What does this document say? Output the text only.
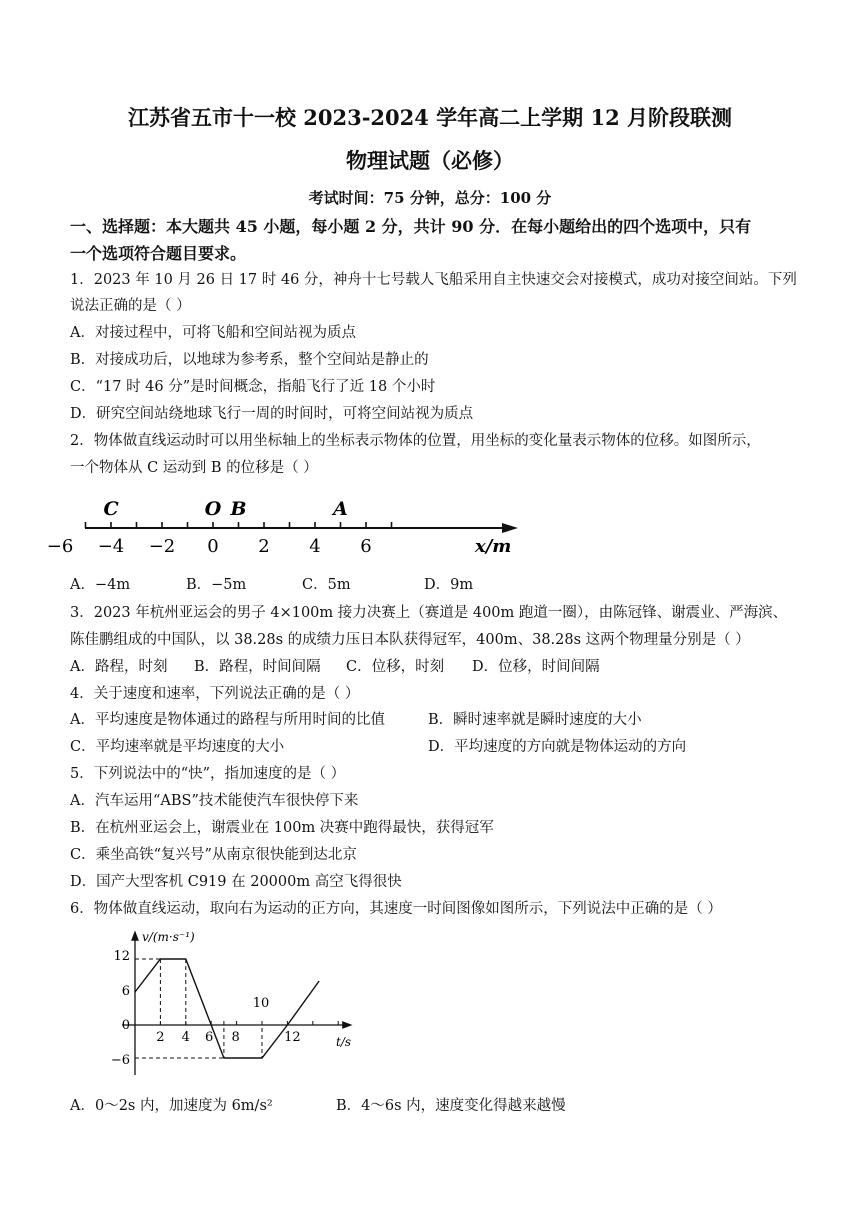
江苏省五市十一校 2023-2024 学年高二上学期 12 月阶段联测
物理试题（必修）
考试时间：75 分钟，总分：100 分
一、选择题：本大题共 45 小题，每小题 2 分，共计 90 分．在每小题给出的四个选项中，只有
一个选项符合题目要求。
1．2023 年 10 月 26 日 17 时 46 分，神舟十七号载人飞船采用自主快速交会对接模式，成功对接空间站。下列
说法正确的是（ ）
A．对接过程中，可将飞船和空间站视为质点
B．对接成功后，以地球为参考系，整个空间站是静止的
C．“17 时 46 分”是时间概念，指船飞行了近 18 个小时
D．研究空间站绕地球飞行一周的时间时，可将空间站视为质点
2．物体做直线运动时可以用坐标轴上的坐标表示物体的位置，用坐标的变化量表示物体的位移。如图所示，
一个物体从 C 运动到 B 的位移是（ ）
x/m
−6 −4 −2 0 2 4 6
C	O B	A
A．−4m	B．−5m	C．5m	D．9m
3．2023 年杭州亚运会的男子 4×100m 接力决赛上（赛道是 400m 跑道一圈），由陈冠锋、谢震业、严海滨、
陈佳鹏组成的中国队，以 38.28s 的成绩力压日本队获得冠军，400m、38.28s 这两个物理量分别是（ ）
A．路程，时刻 B．路程，时间间隔 C．位移，时刻 D．位移，时间间隔
4．关于速度和速率，下列说法正确的是（ ）
A．平均速度是物体通过的路程与所用时间的比值	B．瞬时速率就是瞬时速度的大小
C．平均速率就是平均速度的大小	D．平均速度的方向就是物体运动的方向
5．下列说法中的“快”，指加速度的是（ ）
A．汽车运用“ABS”技术能使汽车很快停下来
B．在杭州亚运会上，谢震业在 100m 决赛中跑得最快，获得冠军
C．乘坐高铁“复兴号”从南京很快能到达北京
D．国产大型客机 C919 在 20000m 高空飞得很快
6．物体做直线运动，取向右为运动的正方向，其速度一时间图像如图所示，下列说法中正确的是（ ）
v/(m·s⁻¹)
t/s
2 4 6 8
10
12
12
6
0
−6
A．0～2s 内，加速度为 6m/s²	B．4～6s 内，速度变化得越来越慢
